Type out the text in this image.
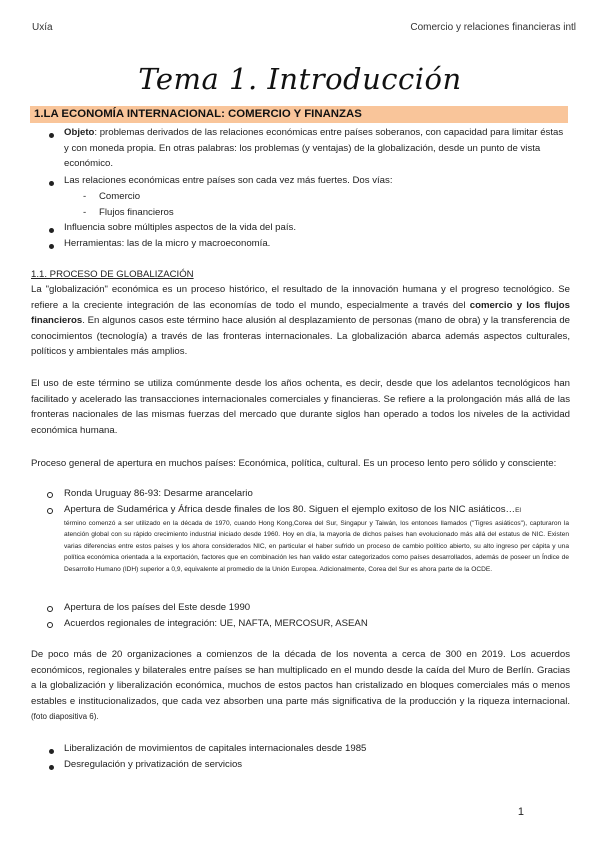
Uxía	Comercio y relaciones financieras intl
Tema 1. Introducción
1.LA ECONOMÍA INTERNACIONAL: COMERCIO Y FINANZAS
Objeto: problemas derivados de las relaciones económicas entre países soberanos, con capacidad para limitar éstas y con moneda propia. En otras palabras: los problemas (y ventajas) de la globalización, desde un punto de vista económico.
Las relaciones económicas entre países son cada vez más fuertes. Dos vías:
- Comercio
- Flujos financieros
Influencia sobre múltiples aspectos de la vida del país.
Herramientas: las de la micro y macroeconomía.
1.1. PROCESO DE GLOBALIZACIÓN
La "globalización" económica es un proceso histórico, el resultado de la innovación humana y el progreso tecnológico. Se refiere a la creciente integración de las economías de todo el mundo, especialmente a través del comercio y los flujos financieros. En algunos casos este término hace alusión al desplazamiento de personas (mano de obra) y la transferencia de conocimientos (tecnología) a través de las fronteras internacionales. La globalización abarca además aspectos culturales, políticos y ambientales más amplios.
El uso de este término se utiliza comúnmente desde los años ochenta, es decir, desde que los adelantos tecnológicos han facilitado y acelerado las transacciones internacionales comerciales y financieras. Se refiere a la prolongación más allá de las fronteras nacionales de las mismas fuerzas del mercado que durante siglos han operado a todos los niveles de la actividad económica humana.
Proceso general de apertura en muchos países: Económica, política, cultural. Es un proceso lento pero sólido y consciente:
Ronda Uruguay 86-93: Desarme arancelario
Apertura de Sudamérica y África desde finales de los 80. Siguen el ejemplo exitoso de los NIC asiáticos…El
término comenzó a ser utilizado en la década de 1970, cuando Hong Kong,Corea del Sur, Singapur y Taiwán, los entonces llamados ("Tigres asiáticos"), capturaron la atención global con su rápido crecimiento industrial iniciado desde 1960. Hoy en día, la mayoría de dichos países han evolucionado más allá del estatus de NIC. Existen varias diferencias entre estos países y los ahora considerados NIC, en particular el haber sufrido un proceso de cambio político abierto, su alto ingreso per cápita y una política económica orientada a la exportación, factores que en combinación les han valido estar categorizados como países desarrollados, además de poseer un Índice de Desarrollo Humano (IDH) superior a 0,9, equivalente al promedio de la Unión Europea. Adicionalmente, Corea del Sur es ahora parte de la OCDE.
Apertura de los países del Este desde 1990
Acuerdos regionales de integración: UE, NAFTA, MERCOSUR, ASEAN
De poco más de 20 organizaciones a comienzos de la década de los noventa a cerca de 300 en 2019. Los acuerdos económicos, regionales y bilaterales entre países se han multiplicado en el mundo desde la caída del Muro de Berlín. Gracias a la globalización y liberalización económica, muchos de estos pactos han cristalizado en bloques comerciales más o menos estables e institucionalizados, que cada vez absorben una parte más significativa de la producción y la riqueza internacional. (foto diapositiva 6).
Liberalización de movimientos de capitales internacionales desde 1985
Desregulación y privatización de servicios
1
